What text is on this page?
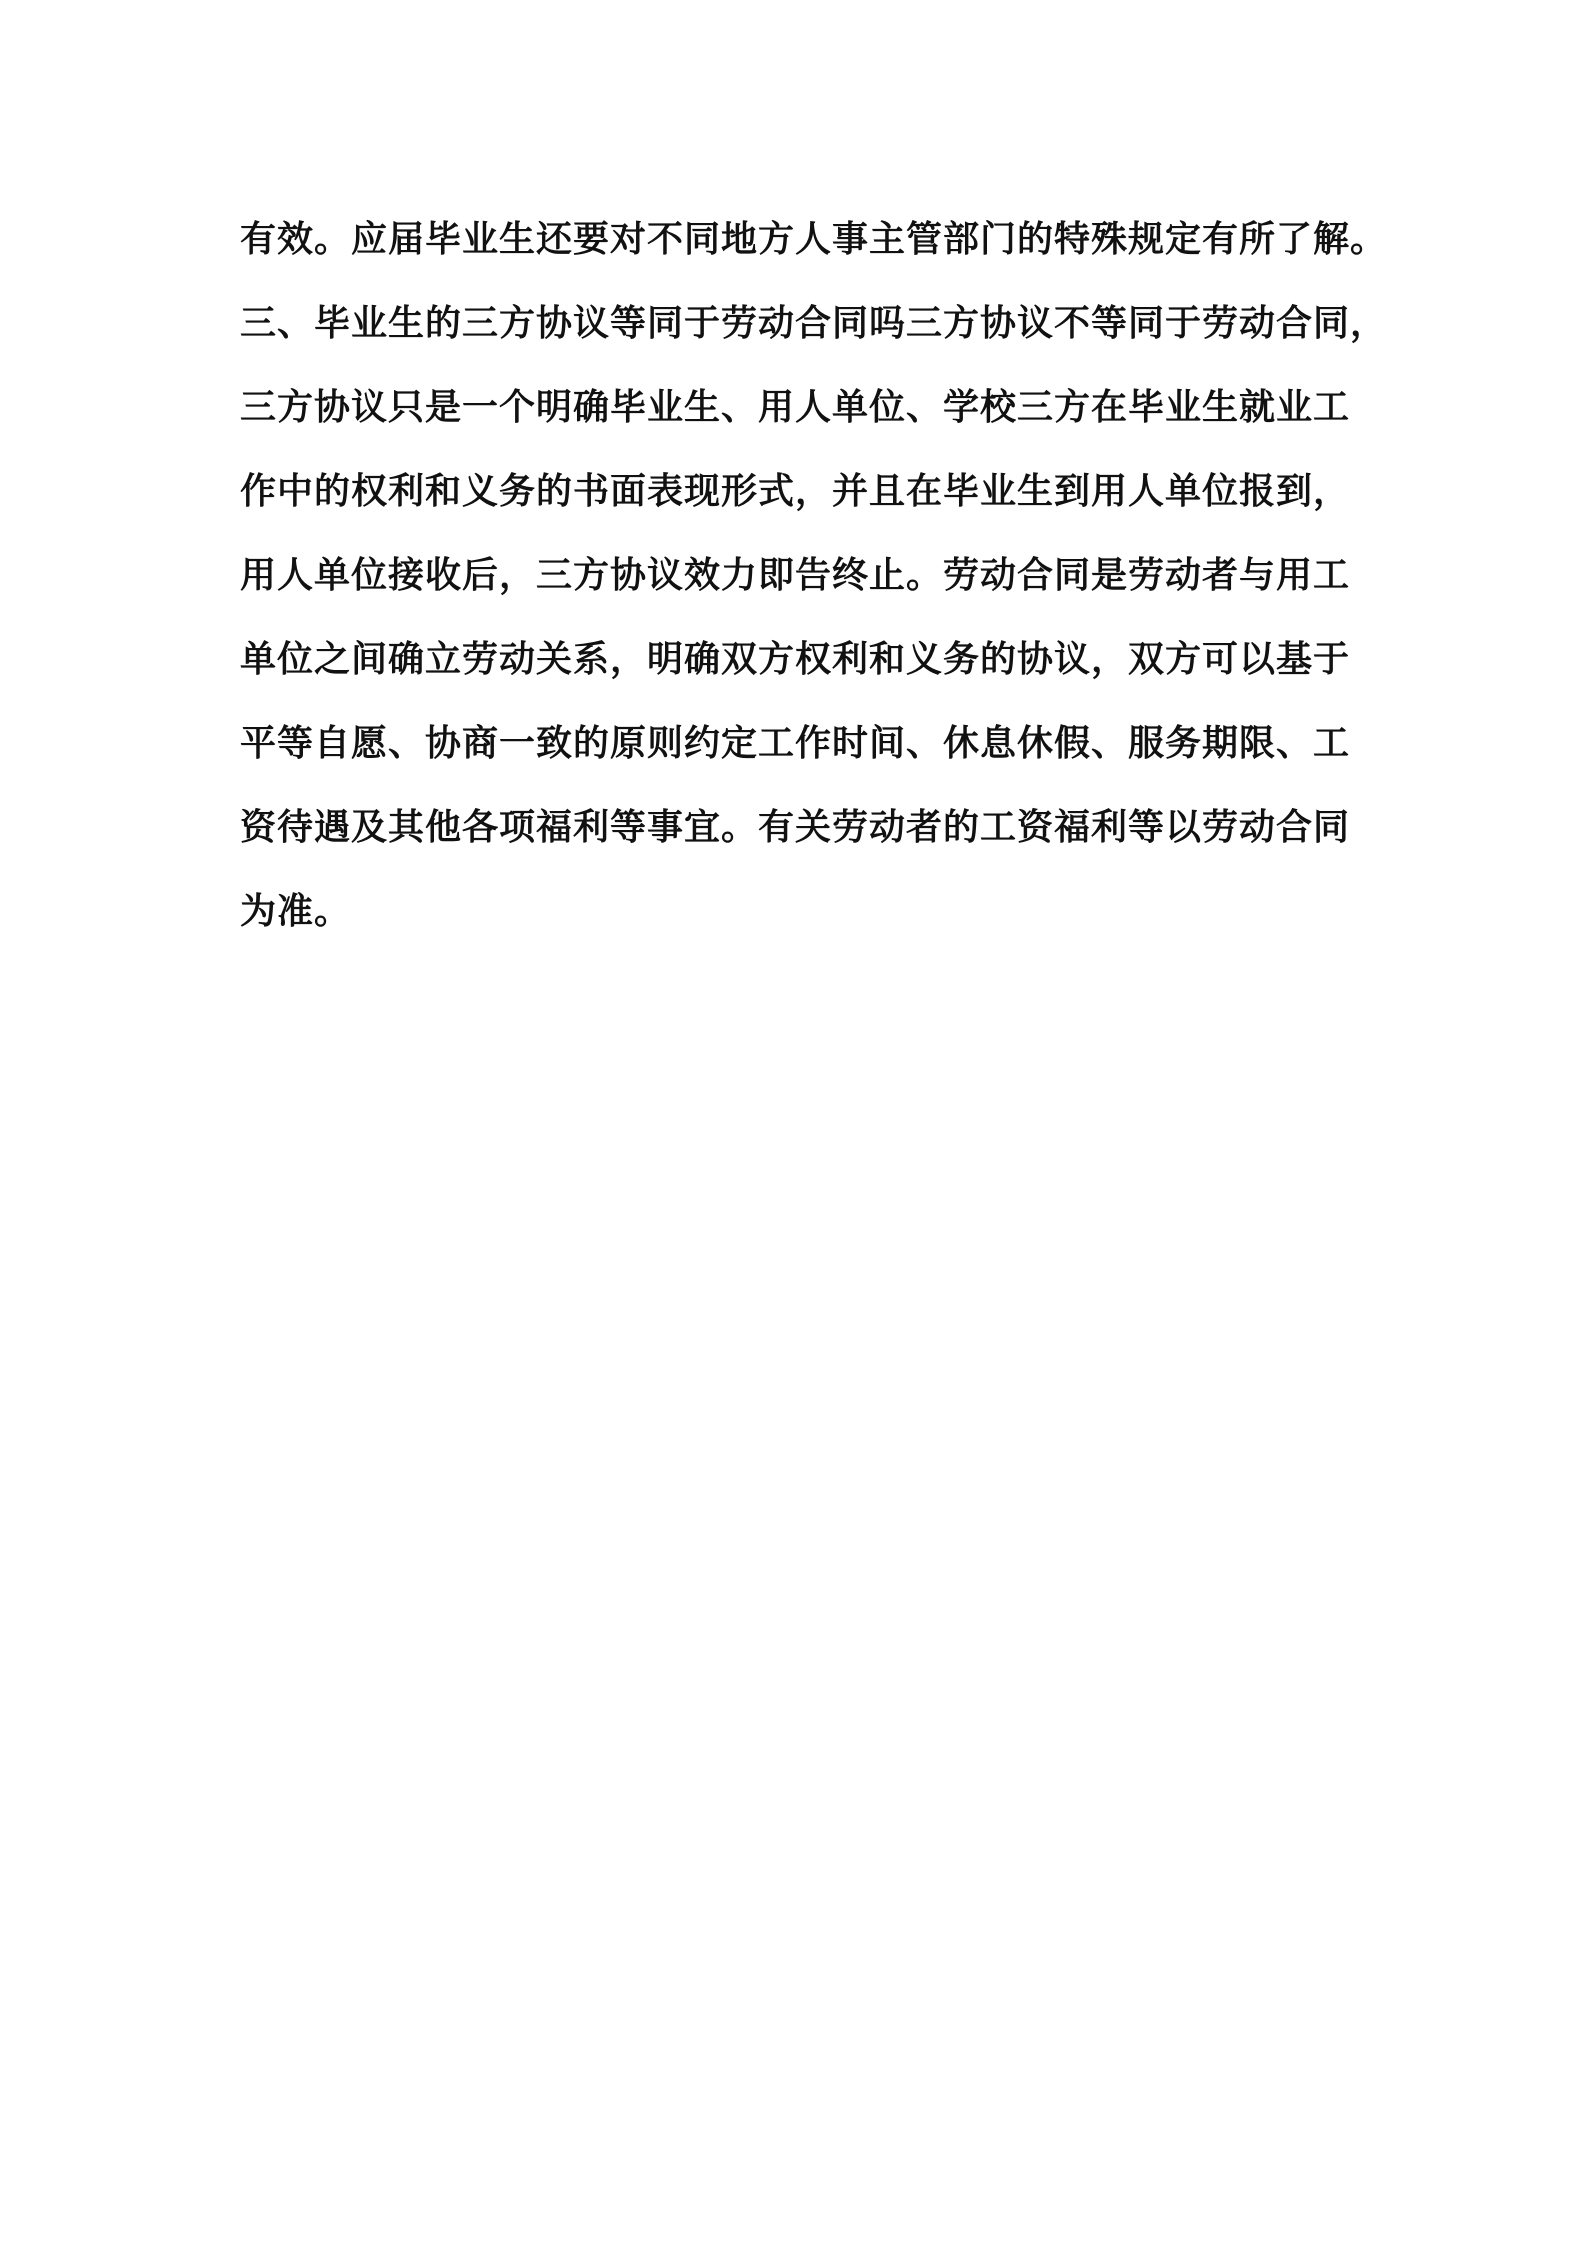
有效。应届毕业生还要对不同地方人事主管部门的特殊规定有所了解。
三、毕业生的三方协议等同于劳动合同吗三方协议不等同于劳动合同，
三方协议只是一个明确毕业生、用人单位、学校三方在毕业生就业工
作中的权利和义务的书面表现形式，并且在毕业生到用人单位报到，
用人单位接收后，三方协议效力即告终止。劳动合同是劳动者与用工
单位之间确立劳动关系，明确双方权利和义务的协议，双方可以基于
平等自愿、协商一致的原则约定工作时间、休息休假、服务期限、工
资待遇及其他各项福利等事宜。有关劳动者的工资福利等以劳动合同
为准。
